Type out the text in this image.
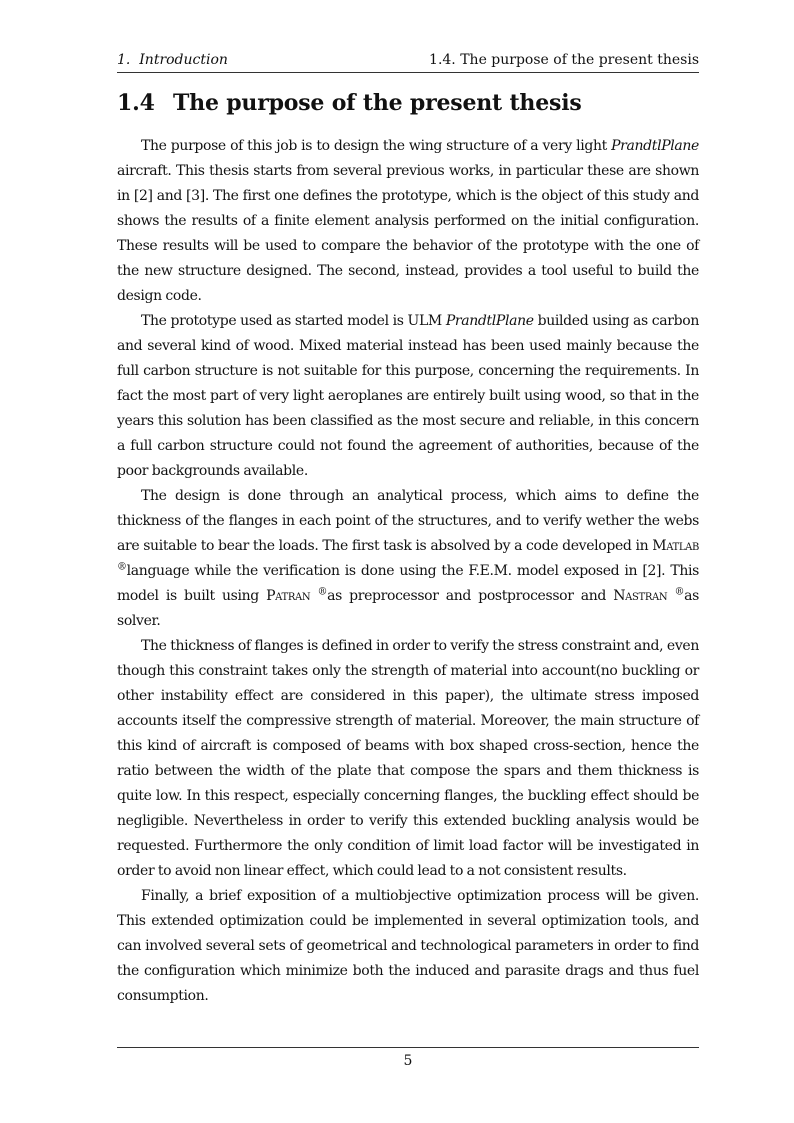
1. Introduction	1.4. The purpose of the present thesis
1.4 The purpose of the present thesis

The purpose of this job is to design the wing structure of a very light PrandtlPlane aircraft. This thesis starts from several previous works, in particular these are shown in [2] and [3]. The first one defines the prototype, which is the object of this study and shows the results of a finite element analysis performed on the initial configuration. These results will be used to compare the behavior of the prototype with the one of the new structure designed. The second, instead, provides a tool useful to build the design code.

The prototype used as started model is ULM PrandtlPlane builded using as carbon and several kind of wood. Mixed material instead has been used mainly because the full carbon structure is not suitable for this purpose, concerning the requirements. In fact the most part of very light aeroplanes are entirely built using wood, so that in the years this solution has been classified as the most secure and reliable, in this concern a full carbon structure could not found the agreement of authorities, because of the poor backgrounds available.

The design is done through an analytical process, which aims to define the thickness of the flanges in each point of the structures, and to verify wether the webs are suitable to bear the loads. The first task is absolved by a code developed in Matlab ®language while the verification is done using the F.E.M. model exposed in [2]. This model is built using Patran ®as preprocessor and postprocessor and Nastran ®as solver.

The thickness of flanges is defined in order to verify the stress constraint and, even though this constraint takes only the strength of material into account(no buckling or other instability effect are considered in this paper), the ultimate stress imposed accounts itself the compressive strength of material. Moreover, the main structure of this kind of aircraft is composed of beams with box shaped cross-section, hence the ratio between the width of the plate that compose the spars and them thickness is quite low. In this respect, especially concerning flanges, the buckling effect should be negligible. Nevertheless in order to verify this extended buckling analysis would be requested. Furthermore the only condition of limit load factor will be investigated in order to avoid non linear effect, which could lead to a not consistent results.

Finally, a brief exposition of a multiobjective optimization process will be given. This extended optimization could be implemented in several optimization tools, and can involved several sets of geometrical and technological parameters in order to find the configuration which minimize both the induced and parasite drags and thus fuel consumption.

5
